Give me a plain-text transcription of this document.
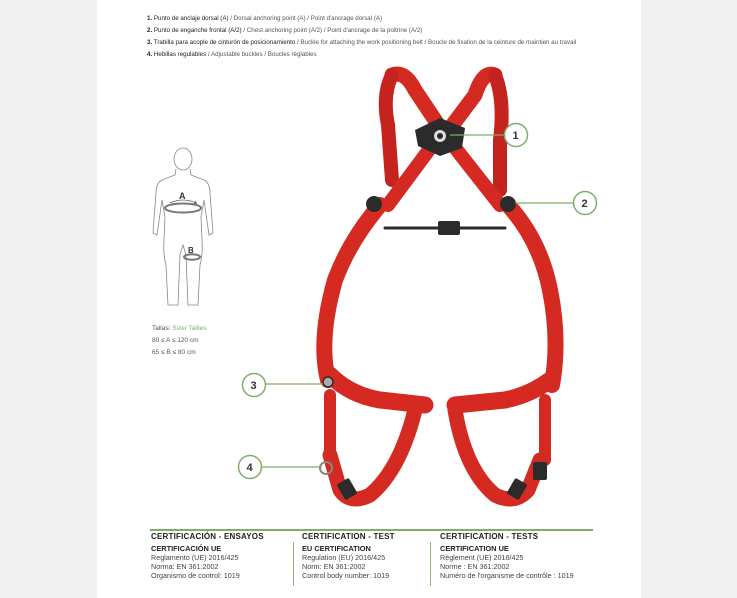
1. Punto de anclaje dorsal (A) / Dorsal anchoring point (A) / Point d'ancrage dorsal (A)
2. Punto de enganche frontal (A/2) / Chest anchoring point (A/2) / Point d'ancrage de la poitrine (A/2)
3. Trabilla para acople de cinturón de posicionamiento / Buckle for attaching the work positioning belt / Boucle de fixation de la ceinture de maintien au travail
4. Hebillas regulables / Adjustable buckles / Boucles réglables
A
B
Tallas/ Size/ Tailles
80 ≤ A ≤ 120 cm
65 ≤ B ≤ 80 cm
1
2
3
4
CERTIFICACIÓN - ENSAYOS
CERTIFICACIÓN UE
Reglamento (UE) 2016/425
Norma: EN 361:2002
Organismo de control: 1019
CERTIFICATION - TEST
EU CERTIFICATION
Regulation (EU) 2016/425
Norm: EN 361:2002
Control body number: 1019
CERTIFICATION - TESTS
CERTIFICATION UE
Règlement (UE) 2016/425
Norme : EN 361:2002
Numéro de l'organisme de contrôle : 1019
